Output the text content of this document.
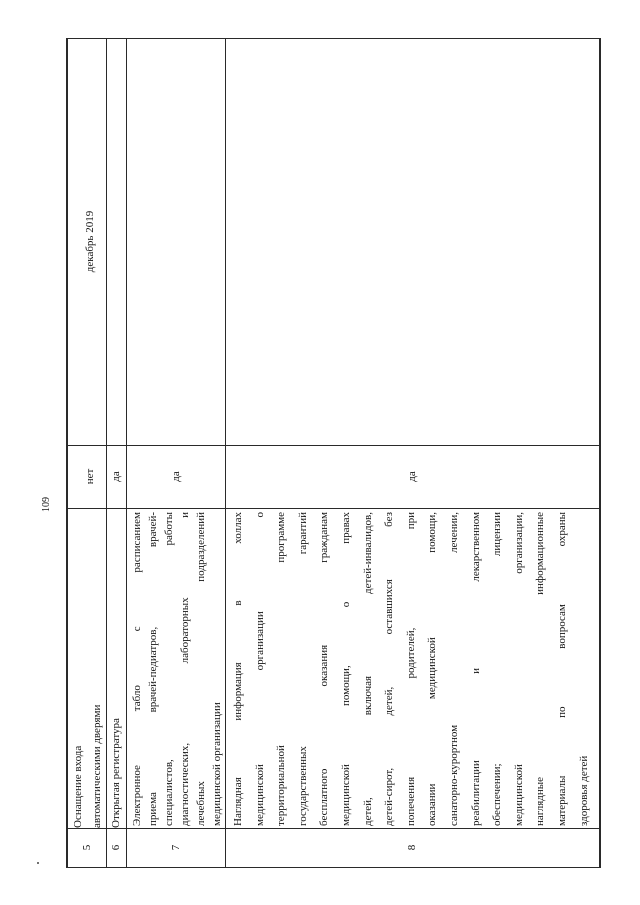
109
5
Оснащение входа автоматическими дверями
нет
декабрь 2019
6
Открытая регистратура
да
7
Электронное табло с расписанием приема врачей-педиатров, врачей- специалистов, работы диагностических, лабораторных и лечебных подразделений медицинской организации
да
8
Наглядная информация в холлах медицинской организации о территориальной программе государственных гарантий бесплатного оказания гражданам медицинской помощи, о правах детей, включая детей-инвалидов, детей-сирот, детей, оставшихся без попечения родителей, при оказании медицинской помощи, санаторно-курортном лечении, реабилитации и лекарственном обеспечении; лицензии медицинской организации, наглядные информационные материалы по вопросам охраны здоровья детей
да
